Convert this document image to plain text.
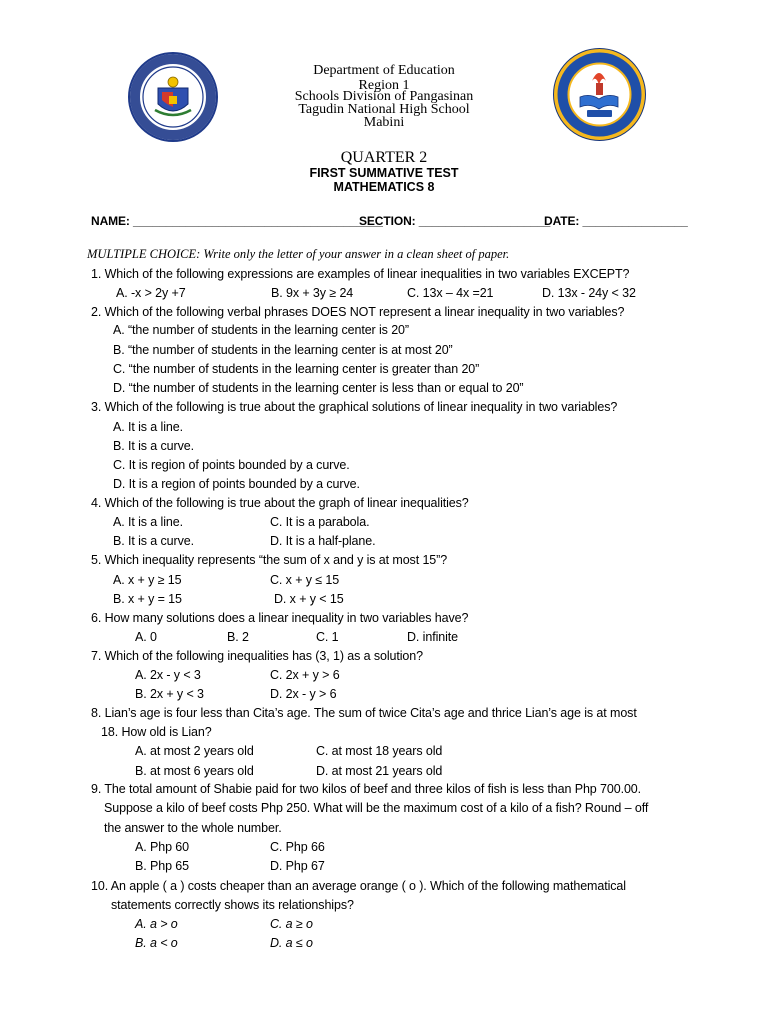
Department of Education
Region 1
Schools Division of Pangasinan
Tagudin National High School
Mabini
QUARTER 2
FIRST SUMMATIVE TEST
MATHEMATICS 8
NAME: ______________________________________
SECTION: ____________________
DATE: ________________
MULTIPLE CHOICE: Write only the letter of your answer in a clean sheet of paper.
1. Which of the following expressions are examples of linear inequalities in two variables EXCEPT?
A. -x > 2y +7	B. 9x + 3y ≥ 24	C. 13x – 4x =21	D. 13x - 24y < 32
2. Which of the following verbal phrases DOES NOT represent a linear inequality in two variables?
A. “the number of students in the learning center is 20”
B. “the number of students in the learning center is at most 20”
C. “the number of students in the learning center is greater than 20”
D. “the number of students in the learning center is less than or equal to 20”
3. Which of the following is true about the graphical solutions of linear inequality in two variables?
A. It is a line.
B. It is a curve.
C. It is region of points bounded by a curve.
D. It is a region of points bounded by a curve.
4. Which of the following is true about the graph of linear inequalities?
A. It is a line.	C. It is a parabola.
B. It is a curve.	D. It is a half-plane.
5. Which inequality represents “the sum of x and y is at most 15”?
A. x + y ≥ 15	C. x + y ≤ 15
B. x + y = 15	D. x + y < 15
6. How many solutions does a linear inequality in two variables have?
A. 0	B. 2	C. 1	D. infinite
7. Which of the following inequalities has (3, 1) as a solution?
A. 2x - y < 3	C. 2x + y > 6
B. 2x + y < 3	D. 2x - y > 6
8. Lian’s age is four less than Cita’s age. The sum of twice Cita’s age and thrice Lian’s age is at most
18. How old is Lian?
A. at most 2 years old	C. at most 18 years old
B. at most 6 years old	D. at most 21 years old
9. The total amount of Shabie paid for two kilos of beef and three kilos of fish is less than Php 700.00.
Suppose a kilo of beef costs Php 250. What will be the maximum cost of a kilo of a fish? Round – off
the answer to the whole number.
A. Php 60	C. Php 66
B. Php 65	D. Php 67
10. An apple ( a ) costs cheaper than an average orange ( o ). Which of the following mathematical
statements correctly shows its relationships?
A. a > o	C. a ≥ o
B. a < o	D. a ≤ o
